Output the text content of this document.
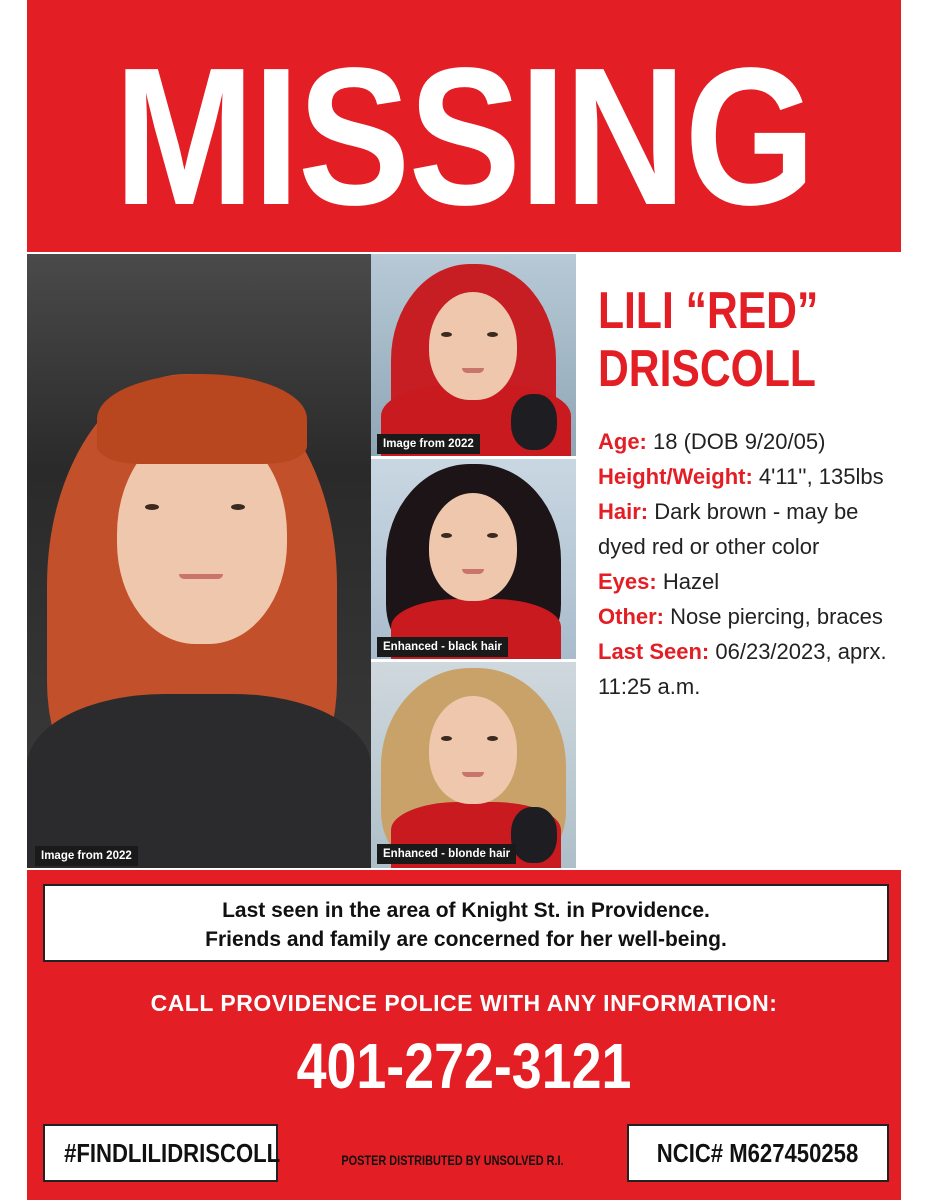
MISSING
Image from 2022
Image from 2022
Enhanced - black hair
Enhanced - blonde hair
LILI “RED”
DRISCOLL
Age: 18 (DOB 9/20/05)
Height/Weight: 4'11'', 135lbs
Hair: Dark brown - may be dyed red or other color
Eyes: Hazel
Other: Nose piercing, braces
Last Seen: 06/23/2023, aprx. 11:25 a.m.
Last seen in the area of Knight St. in Providence.
Friends and family are concerned for her well-being.
CALL PROVIDENCE POLICE WITH ANY INFORMATION:
401-272-3121
#FINDLILIDRISCOLL	POSTER DISTRIBUTED BY UNSOLVED R.I.	NCIC# M627450258
